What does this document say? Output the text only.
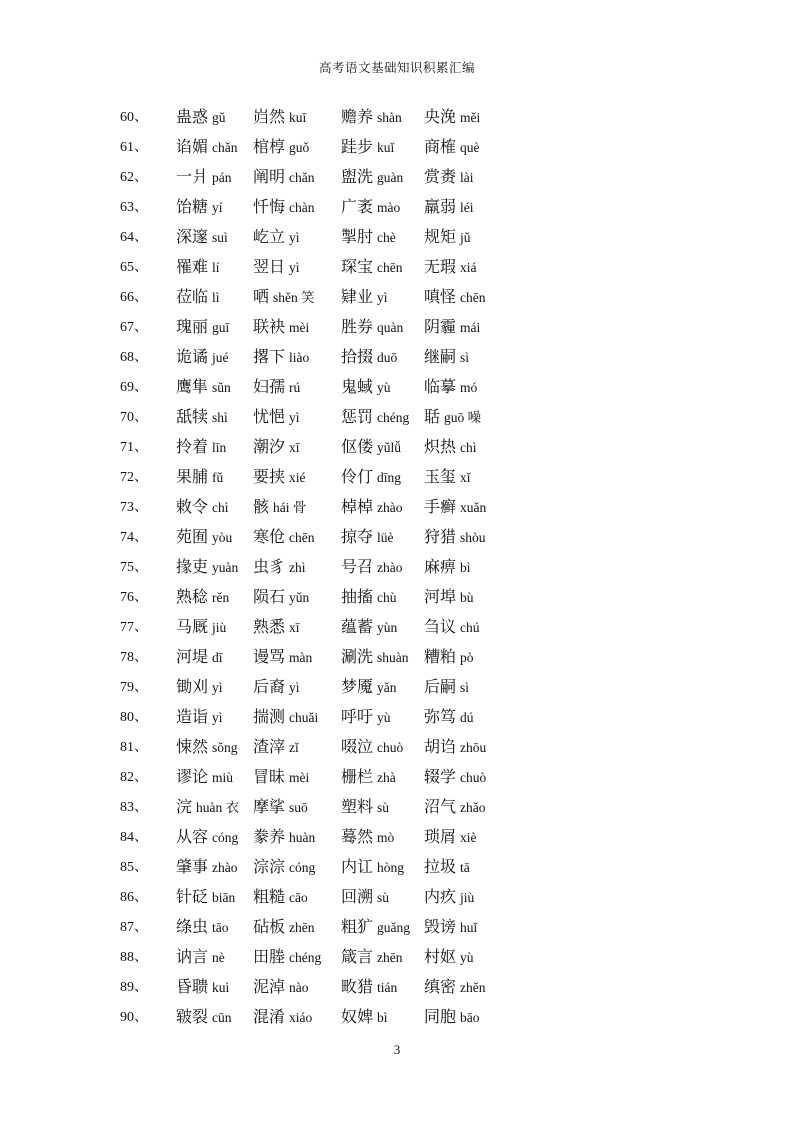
高考语文基础知识积累汇编
60、 蛊惑 gǔ 岿然 kuī 赡养 shàn 央浼 měi
61、 谄媚 chǎn 棺椁 guǒ 跬步 kuǐ 商榷 què
62、 一爿 pán 阐明 chǎn 盥洗 guàn 赏赉 lài
63、 饴糖 yí 忏悔 chàn 广袤 mào 羸弱 léi
64、 深邃 suì 屹立 yì	掣肘 chè 规矩 jǔ
65、 罹难 lí 翌日 yì	琛宝 chēn 无瑕 xiá
66、 莅临 lì 哂 shěn 笑 肄业 yì 嗔怪 chēn
67、 瑰丽 guī 联袂 mèi 胜券 quàn 阴霾 mái
68、 诡谲 jué 撂下 liào 拾掇 duō 继嗣 sì
69、 鹰隼 sǔn 妇孺 rú	鬼蜮 yù 临摹 mó
70、 舐犊 shì 忧悒 yì	惩罚 chéng 聒 guō 噪
71、 拎着 līn 潮汐 xī	伛偻 yǔlǚ 炽热 chì
72、 果脯 fǔ 要挟 xié 伶仃 dīng 玉玺 xǐ
73、 敕令 chì 骸 hái 骨 棹棹 zhào 手癣 xuǎn
74、 苑囿 yòu 寒伧 chēn 掠夺 lüè 狩猎 shòu
75、 掾吏 yuàn 虫豸 zhì 号召 zhào 麻痹 bì
76、 熟稔 rěn 陨石 yǔn 抽搐 chù 河埠 bù
77、 马厩 jiù 熟悉 xī	蕴蓄 yùn 刍议 chú
78、 河堤 dī 谩骂 màn 涮洗 shuàn 糟粕 pò
79、 锄刈 yì 后裔 yì	梦魇 yǎn 后嗣 sì
80、 造诣 yì 揣测 chuǎi 呼吁 yù 弥笃 dú
81、 悚然 sǒng 渣滓 zǐ	啜泣 chuò 胡诌 zhōu
82、 谬论 miù 冒昧 mèi 栅栏 zhà 辍学 chuò
83、 浣 huàn 衣 摩挲 suō 塑料 sù 沼气 zhǎo
84、 从容 cóng 豢养 huàn 蓦然 mò 琐屑 xiè
85、 肇事 zhào 淙淙 cóng 内讧 hòng 拉圾 tā
86、 针砭 biān 粗糙 cāo 回溯 sù 内疚 jiù
87、 绦虫 tāo 砧板 zhēn 粗犷 guǎng 毁谤 huǐ
88、 讷言 nè 田塍 chéng 箴言 zhēn 村妪 yù
89、 昏聩 kuì 泥淖 nào 畋猎 tián 缜密 zhěn
90、 皲裂 cūn 混淆 xiáo 奴婢 bì 同胞 bāo
3
